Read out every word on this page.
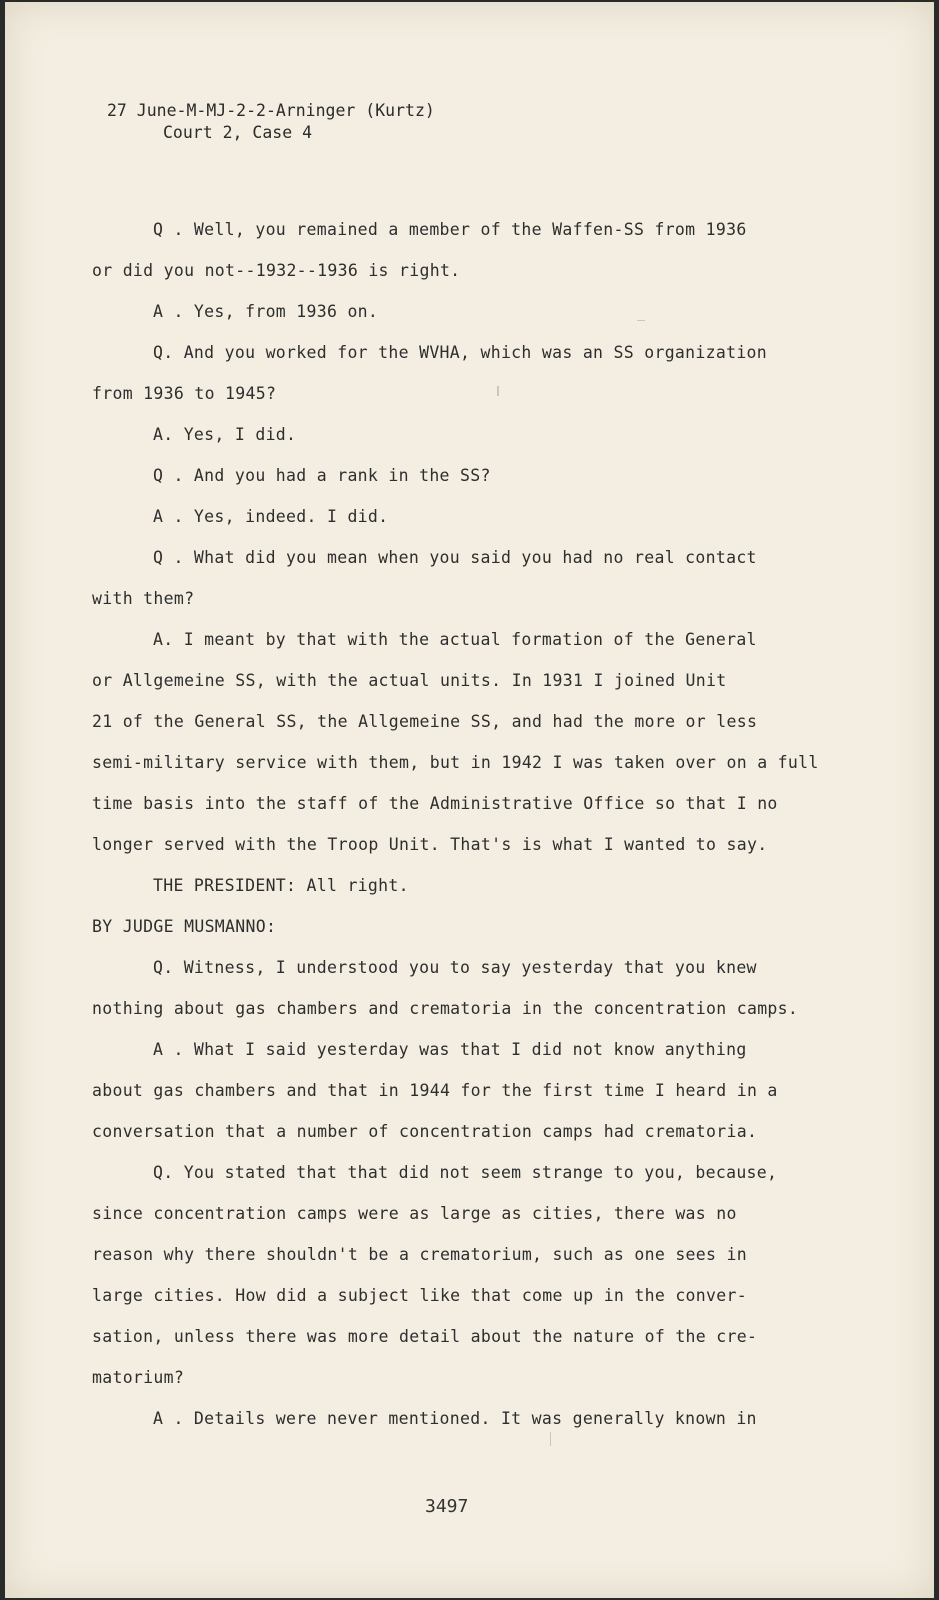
27 June-M-MJ-2-2-Arninger (Kurtz)
Court 2, Case 4
Q . Well, you remained a member of the Waffen-SS from 1936
or did you not--1932--1936 is right.
A . Yes, from 1936 on.
Q. And you worked for the WVHA, which was an SS organization
from 1936 to 1945?
A. Yes, I did.
Q . And you had a rank in the SS?
A . Yes, indeed. I did.
Q . What did you mean when you said you had no real contact
with them?
A. I meant by that with the actual formation of the General
or Allgemeine SS, with the actual units. In 1931 I joined Unit
21 of the General SS, the Allgemeine SS, and had the more or less
semi-military service with them, but in 1942 I was taken over on a full
time basis into the staff of the Administrative Office so that I no
longer served with the Troop Unit. That's is what I wanted to say.
THE PRESIDENT: All right.
BY JUDGE MUSMANNO:
Q. Witness, I understood you to say yesterday that you knew
nothing about gas chambers and crematoria in the concentration camps.
A . What I said yesterday was that I did not know anything
about gas chambers and that in 1944 for the first time I heard in a
conversation that a number of concentration camps had crematoria.
Q. You stated that that did not seem strange to you, because,
since concentration camps were as large as cities, there was no
reason why there shouldn't be a crematorium, such as one sees in
large cities. How did a subject like that come up in the conver-
sation, unless there was more detail about the nature of the cre-
matorium?
A . Details were never mentioned. It was generally known in
3497
